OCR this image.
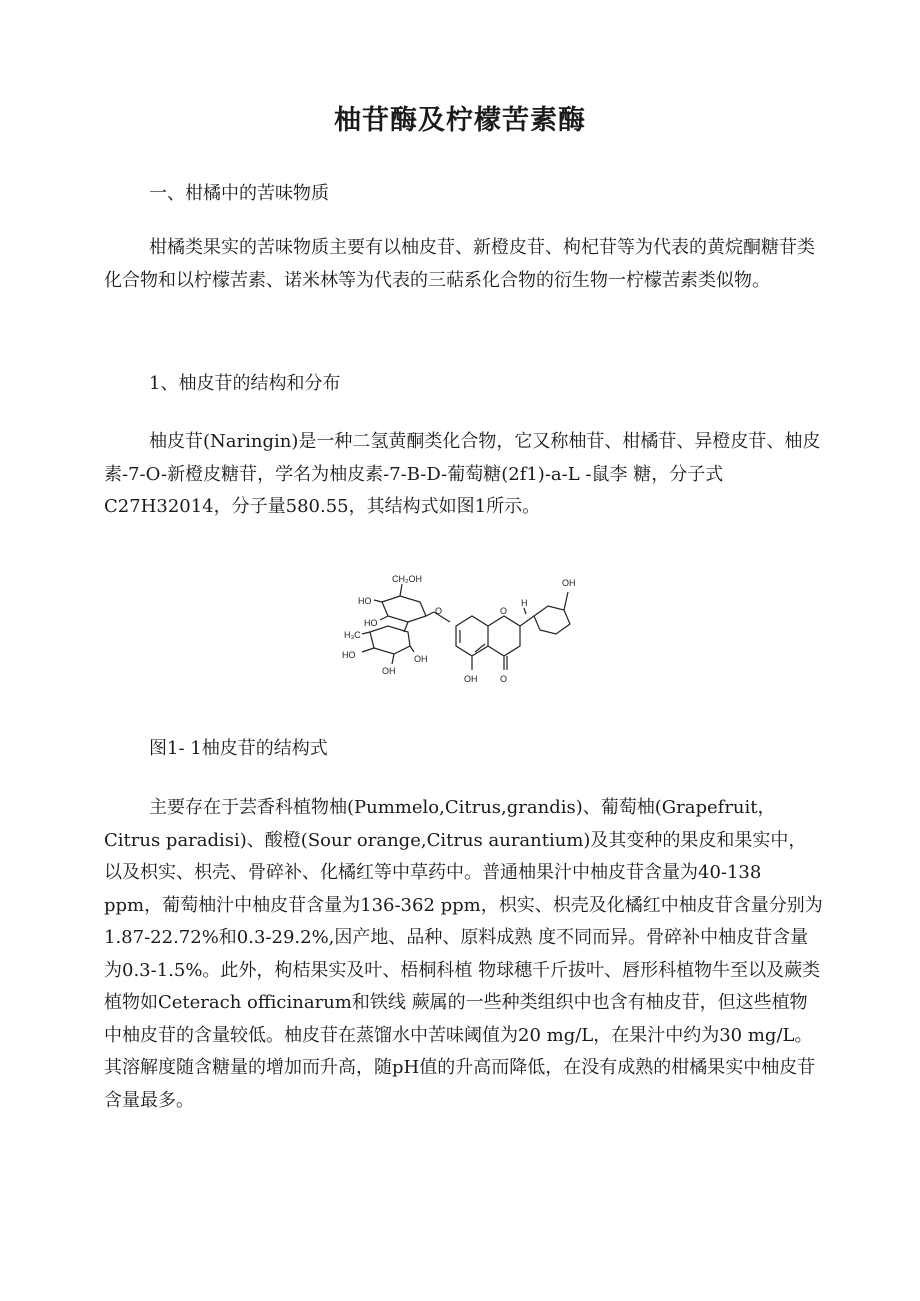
柚苷酶及柠檬苦素酶

一、柑橘中的苦味物质

柑橘类果实的苦味物质主要有以柚皮苷、新橙皮苷、枸杞苷等为代表的黄烷酮糖苷类化合物和以柠檬苦素、诺米林等为代表的三萜系化合物的衍生物一柠檬苦素类似物。

1、柚皮苷的结构和分布

柚皮苷(Naringin)是一种二氢黄酮类化合物，它又称柚苷、柑橘苷、异橙皮苷、柚皮素-7-O-新橙皮糖苷，学名为柚皮素-7-B-D-葡萄糖(2f1)-a-L -鼠李 糖，分子式C27H32014，分子量580.55，其结构式如图1所示。

CH₂OH
HO
HO
H₃C
HO
OH
OH
O	O
H
O
OH
OH

图1- 1柚皮苷的结构式

主要存在于芸香科植物柚(Pummelo,Citrus,grandis)、葡萄柚(Grapefruit，Citrus paradisi)、酸橙(Sour orange,Citrus aurantium)及其变种的果皮和果实中，以及枳实、枳壳、骨碎补、化橘红等中草药中。普通柚果汁中柚皮苷含量为40-138 ppm，葡萄柚汁中柚皮苷含量为136-362 ppm，枳实、枳壳及化橘红中柚皮苷含量分别为1.87-22.72%和0.3-29.2%,因产地、品种、原料成熟 度不同而异。骨碎补中柚皮苷含量为0.3-1.5%。此外，枸桔果实及叶、梧桐科植 物球穗千斤拔叶、唇形科植物牛至以及蕨类植物如Ceterach officinarum和铁线 蕨属的一些种类组织中也含有柚皮苷，但这些植物中柚皮苷的含量较低。柚皮苷在蒸馏水中苦味阈值为20 mg/L，在果汁中约为30 mg/L。其溶解度随含糖量的增加而升高，随pH值的升高而降低，在没有成熟的柑橘果实中柚皮苷含量最多。
